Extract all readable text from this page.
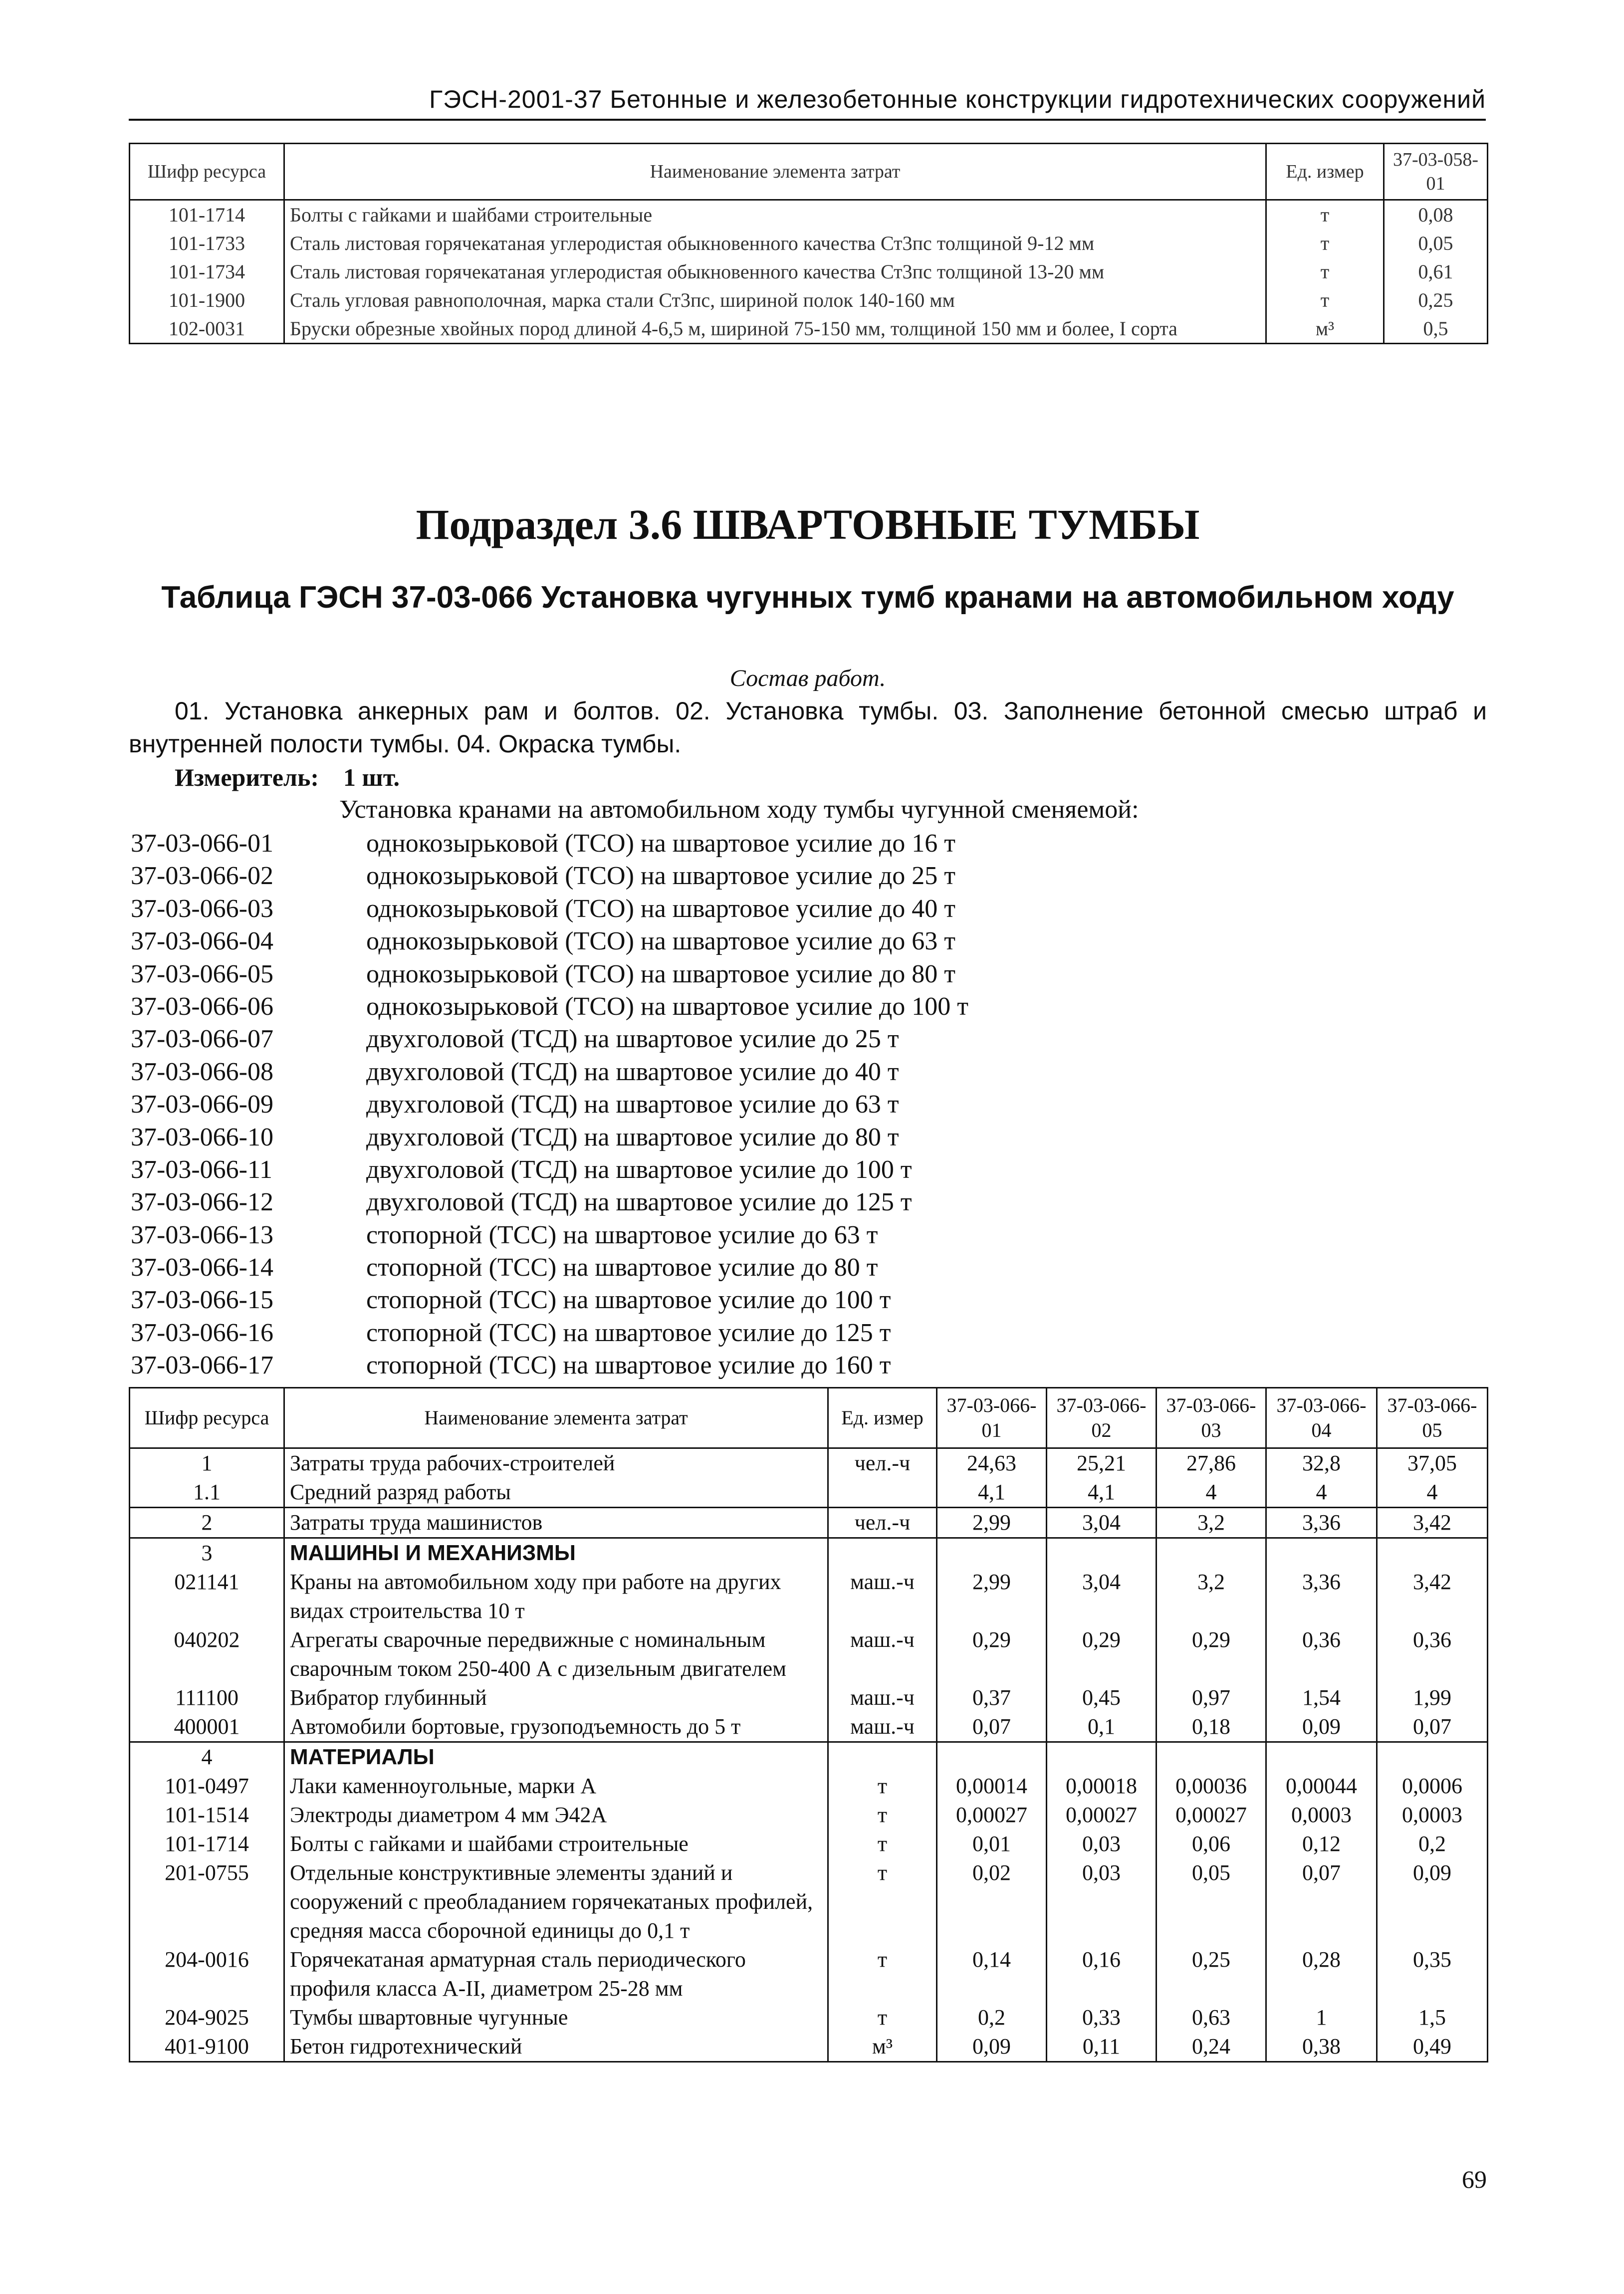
ГЭСН-2001-37 Бетонные и железобетонные конструкции гидротехнических сооружений
Шифр ресурса	Наименование элемента затрат	Ед. измер	37-03-058-01
101-1714	Болты с гайками и шайбами строительные	т	0,08
101-1733	Сталь листовая горячекатаная углеродистая обыкновенного качества Ст3пс толщиной 9-12 мм	т	0,05
101-1734	Сталь листовая горячекатаная углеродистая обыкновенного качества Ст3пс толщиной 13-20 мм	т	0,61
101-1900	Сталь угловая равнополочная, марка стали Ст3пс, шириной полок 140-160 мм	т	0,25
102-0031	Бруски обрезные хвойных пород длиной 4-6,5 м, шириной 75-150 мм, толщиной 150 мм и более, I сорта	м³	0,5
Подраздел 3.6 ШВАРТОВНЫЕ ТУМБЫ
Таблица ГЭСН 37-03-066 Установка чугунных тумб кранами на автомобильном ходу
Состав работ.
01. Установка анкерных рам и болтов. 02. Установка тумбы. 03. Заполнение бетонной смесью штраб и внутренней полости тумбы. 04. Окраска тумбы.
Измеритель: 1 шт.
Установка кранами на автомобильном ходу тумбы чугунной сменяемой:
37-03-066-01	однокозырьковой (ТСО) на швартовое усилие до 16 т
37-03-066-02	однокозырьковой (ТСО) на швартовое усилие до 25 т
37-03-066-03	однокозырьковой (ТСО) на швартовое усилие до 40 т
37-03-066-04	однокозырьковой (ТСО) на швартовое усилие до 63 т
37-03-066-05	однокозырьковой (ТСО) на швартовое усилие до 80 т
37-03-066-06	однокозырьковой (ТСО) на швартовое усилие до 100 т
37-03-066-07	двухголовой (ТСД) на швартовое усилие до 25 т
37-03-066-08	двухголовой (ТСД) на швартовое усилие до 40 т
37-03-066-09	двухголовой (ТСД) на швартовое усилие до 63 т
37-03-066-10	двухголовой (ТСД) на швартовое усилие до 80 т
37-03-066-11	двухголовой (ТСД) на швартовое усилие до 100 т
37-03-066-12	двухголовой (ТСД) на швартовое усилие до 125 т
37-03-066-13	стопорной (ТСС) на швартовое усилие до 63 т
37-03-066-14	стопорной (ТСС) на швартовое усилие до 80 т
37-03-066-15	стопорной (ТСС) на швартовое усилие до 100 т
37-03-066-16	стопорной (ТСС) на швартовое усилие до 125 т
37-03-066-17	стопорной (ТСС) на швартовое усилие до 160 т
Шифр ресурса	Наименование элемента затрат	Ед. измер	37-03-066-01	37-03-066-02	37-03-066-03	37-03-066-04	37-03-066-05
1	Затраты труда рабочих-строителей	чел.-ч	24,63	25,21	27,86	32,8	37,05
1.1	Средний разряд работы		4,1	4,1	4	4	4
2	Затраты труда машинистов	чел.-ч	2,99	3,04	3,2	3,36	3,42
3	МАШИНЫ И МЕХАНИЗМЫ						
021141	Краны на автомобильном ходу при работе на других видах строительства 10 т	маш.-ч	2,99	3,04	3,2	3,36	3,42
040202	Агрегаты сварочные передвижные с номинальным сварочным током 250-400 А с дизельным двигателем	маш.-ч	0,29	0,29	0,29	0,36	0,36
111100	Вибратор глубинный	маш.-ч	0,37	0,45	0,97	1,54	1,99
400001	Автомобили бортовые, грузоподъемность до 5 т	маш.-ч	0,07	0,1	0,18	0,09	0,07
4	МАТЕРИАЛЫ						
101-0497	Лаки каменноугольные, марки А	т	0,00014	0,00018	0,00036	0,00044	0,0006
101-1514	Электроды диаметром 4 мм Э42А	т	0,00027	0,00027	0,00027	0,0003	0,0003
101-1714	Болты с гайками и шайбами строительные	т	0,01	0,03	0,06	0,12	0,2
201-0755	Отдельные конструктивные элементы зданий и сооружений с преобладанием горячекатаных профилей, средняя масса сборочной единицы до 0,1 т	т	0,02	0,03	0,05	0,07	0,09
204-0016	Горячекатаная арматурная сталь периодического профиля класса А-II, диаметром 25-28 мм	т	0,14	0,16	0,25	0,28	0,35
204-9025	Тумбы швартовные чугунные	т	0,2	0,33	0,63	1	1,5
401-9100	Бетон гидротехнический	м³	0,09	0,11	0,24	0,38	0,49
69
